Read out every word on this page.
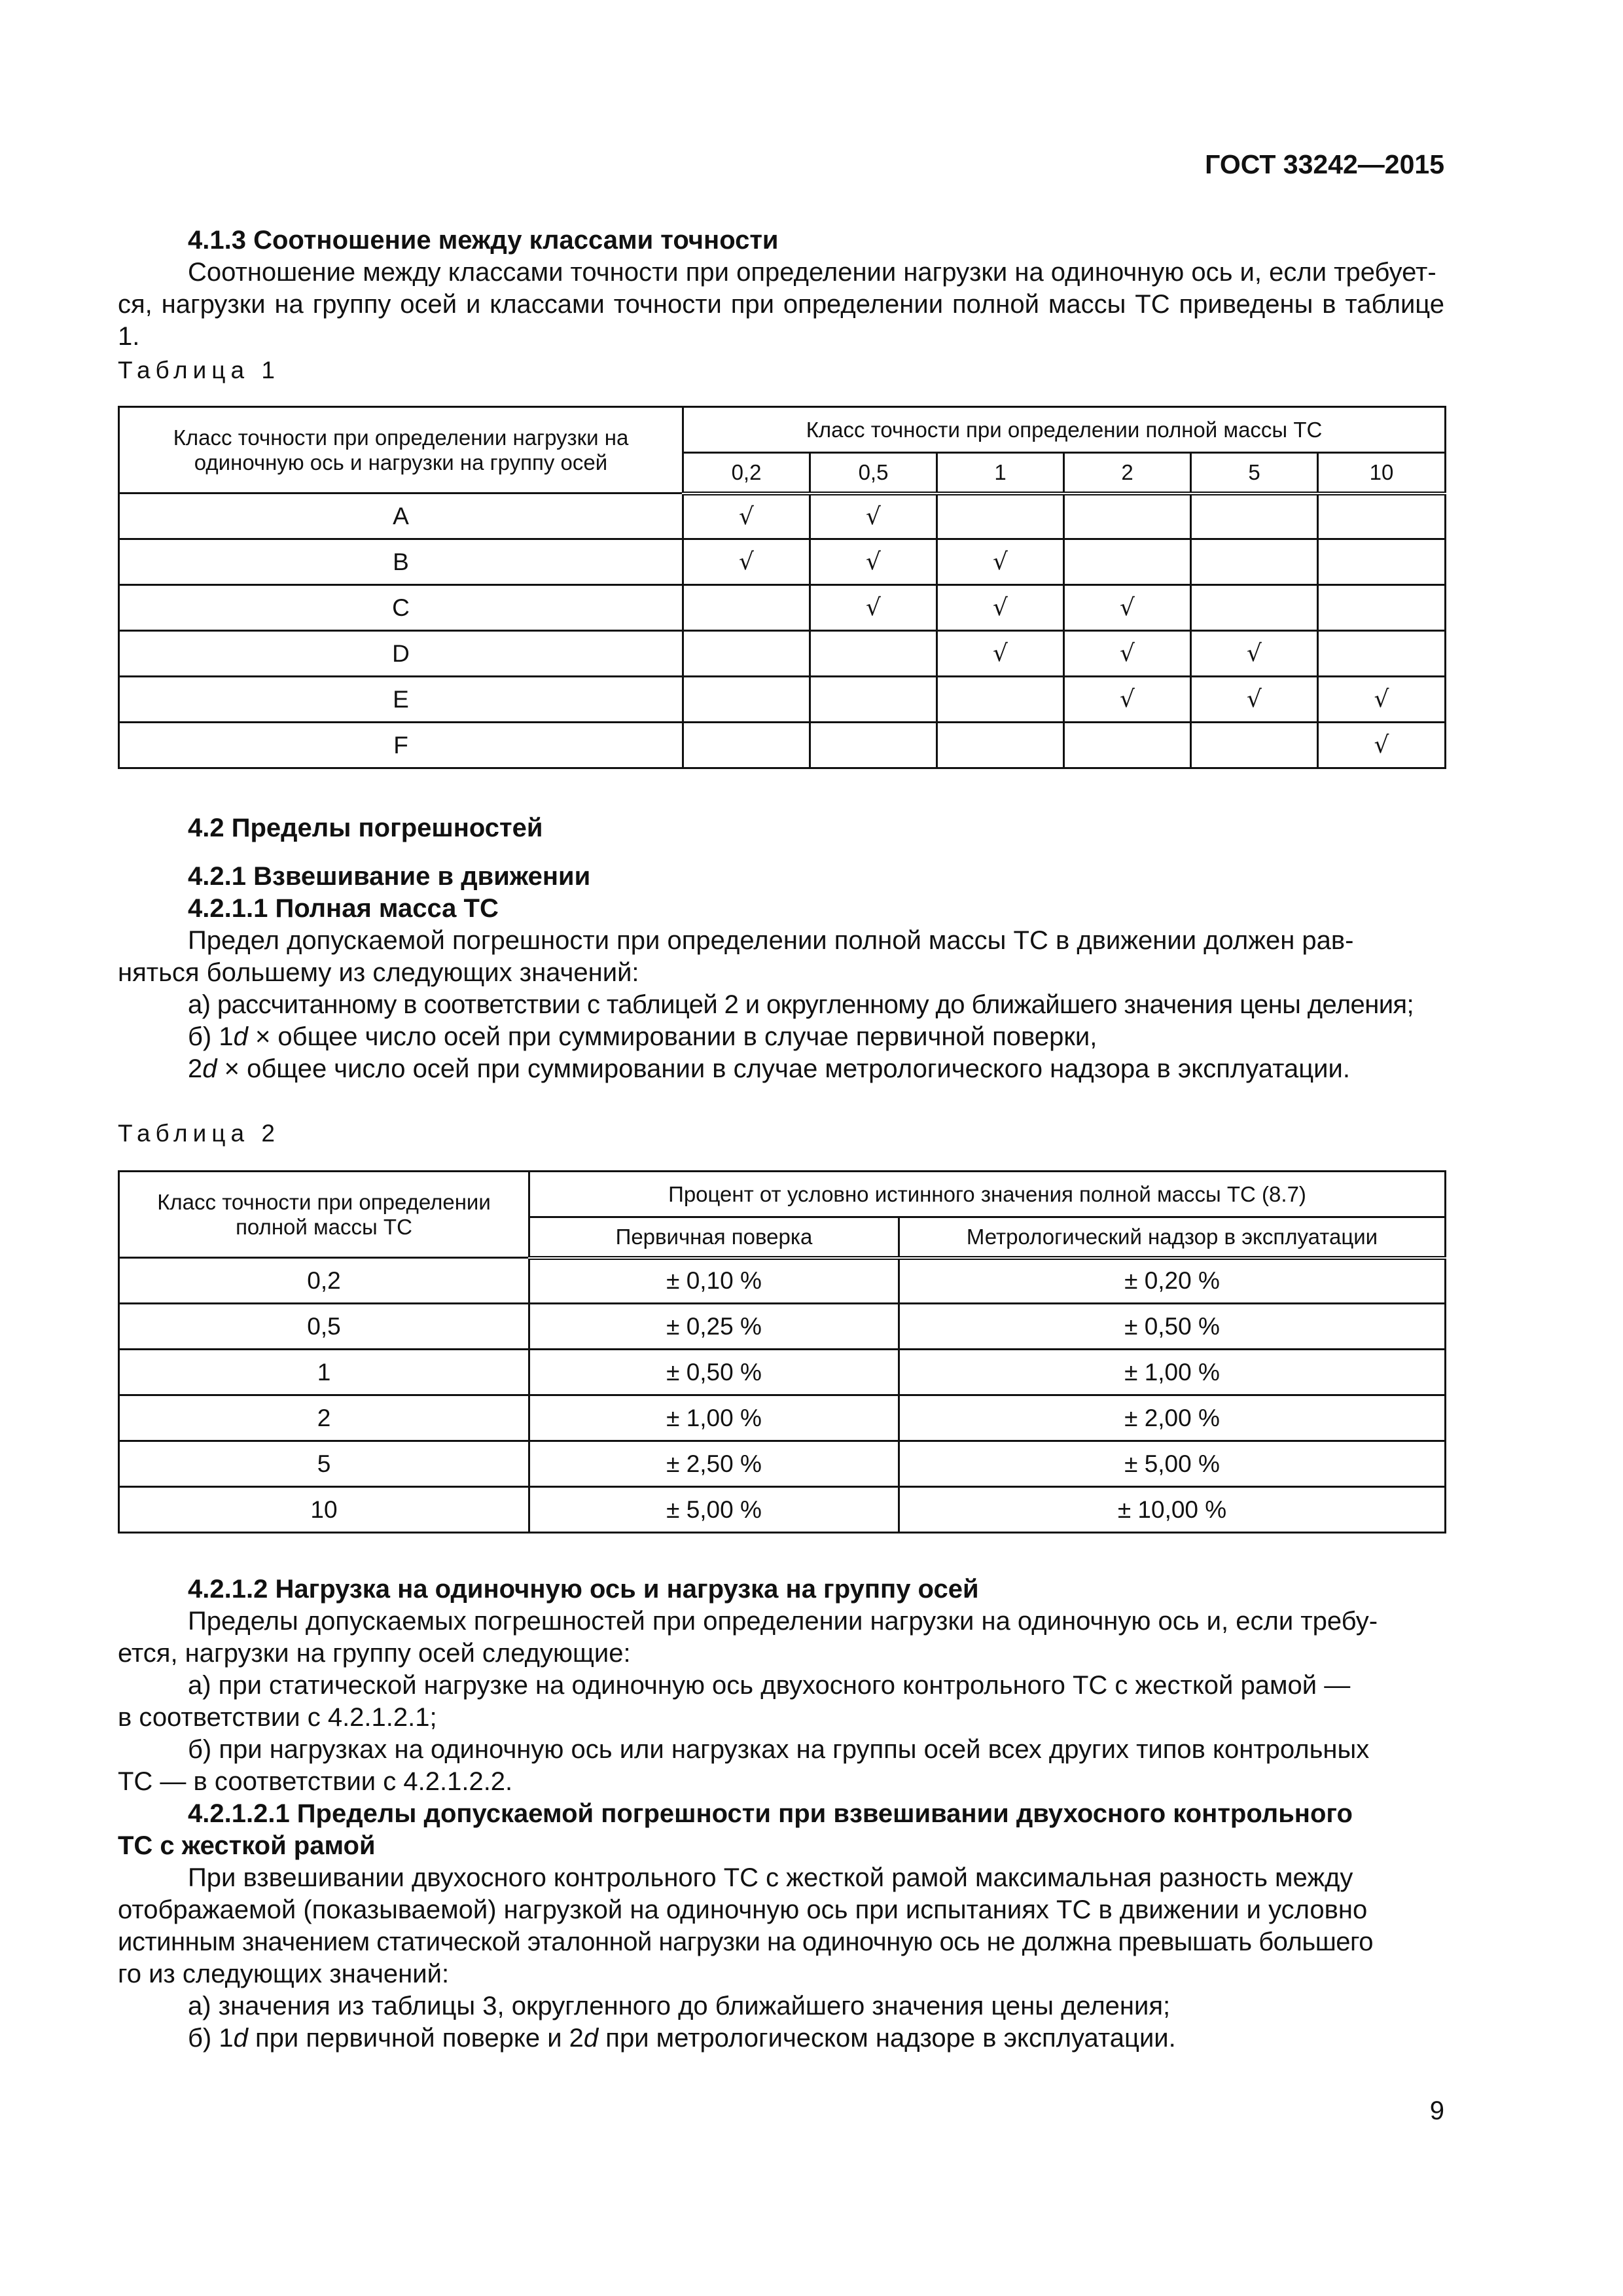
ГОСТ 33242—2015

4.1.3 Соотношение между классами точности

Соотношение между классами точности при определении нагрузки на одиночную ось и, если требует-

ся, нагрузки на группу осей и классами точности при определении полной массы ТС приведены в таблице 1.

Таблица 1
Класс точности при определении нагрузки на одиночную ось и нагрузки на группу осей	Класс точности при определении полной массы ТС					
	0,2	0,5	1	2	5	10
A	√	√				
B	√	√	√			
C		√	√	√		
D			√	√	√	
E				√	√	√
F						√

4.2 Пределы погрешностей

4.2.1 Взвешивание в движении

4.2.1.1 Полная масса ТС

Предел допускаемой погрешности при определении полной массы ТС в движении должен рав-

няться большему из следующих значений:

а) рассчитанному в соответствии с таблицей 2 и округленному до ближайшего значения цены деления;

б) 1d × общее число осей при суммировании в случае первичной поверки,

2d × общее число осей при суммировании в случае метрологического надзора в эксплуатации.

Таблица 2
Класс точности при определении полной массы ТС	Процент от условно истинного значения полной массы ТС (8.7)	
	Первичная поверка	Метрологический надзор в эксплуатации
0,2	± 0,10 %	± 0,20 %
0,5	± 0,25 %	± 0,50 %
1	± 0,50 %	± 1,00 %
2	± 1,00 %	± 2,00 %
5	± 2,50 %	± 5,00 %
10	± 5,00 %	± 10,00 %

4.2.1.2 Нагрузка на одиночную ось и нагрузка на группу осей

Пределы допускаемых погрешностей при определении нагрузки на одиночную ось и, если требу-

ется, нагрузки на группу осей следующие:

а) при статической нагрузке на одиночную ось двухосного контрольного ТС с жесткой рамой —

в соответствии с 4.2.1.2.1;

б) при нагрузках на одиночную ось или нагрузках на группы осей всех других типов контрольных

ТС — в соответствии с 4.2.1.2.2.

4.2.1.2.1 Пределы допускаемой погрешности при взвешивании двухосного контрольного

ТС с жесткой рамой

При взвешивании двухосного контрольного ТС с жесткой рамой максимальная разность между

отображаемой (показываемой) нагрузкой на одиночную ось при испытаниях ТС в движении и условно

истинным значением статической эталонной нагрузки на одиночную ось не должна превышать большего

го из следующих значений:

а) значения из таблицы 3, округленного до ближайшего значения цены деления;

б) 1d при первичной поверке и 2d при метрологическом надзоре в эксплуатации.

9
